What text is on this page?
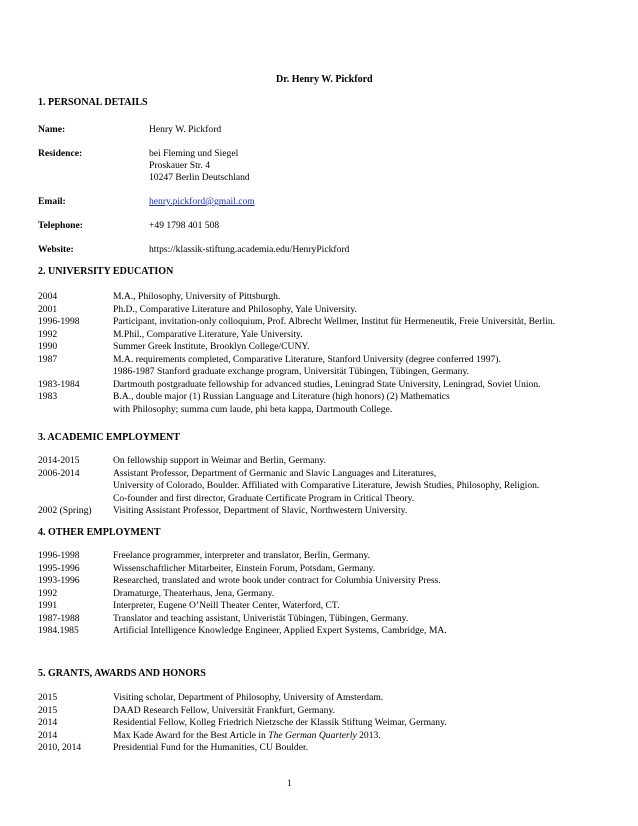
Dr. Henry W. Pickford
1. PERSONAL DETAILS
Name:	Henry W. Pickford
Residence:	bei Fleming und Siegel
Proskauer Str. 4
10247 Berlin Deutschland
Email:	henry.pickford@gmail.com
Telephone:	+49 1798 401 508
Website:	https://klassik-stiftung.academia.edu/HenryPickford
2. UNIVERSITY EDUCATION
2004	M.A., Philosophy, University of Pittsburgh.
2001	Ph.D., Comparative Literature and Philosophy, Yale University.
1996-1998	Participant, invitation-only colloquium, Prof. Albrecht Wellmer, Institut für Hermeneutik, Freie Universität, Berlin.
1992	M.Phil., Comparative Literature, Yale University.
1990	Summer Greek Institute, Brooklyn College/CUNY.
1987	M.A. requirements completed, Comparative Literature, Stanford University (degree conferred 1997).
1986-1987 Stanford graduate exchange program, Universität Tübingen, Tübingen, Germany.
1983-1984	Dartmouth postgraduate fellowship for advanced studies, Leningrad State University, Leningrad, Soviet Union.
1983	B.A., double major (1) Russian Language and Literature (high honors) (2) Mathematics
with Philosophy; summa cum laude, phi beta kappa, Dartmouth College.
3. ACADEMIC EMPLOYMENT
2014-2015	On fellowship support in Weimar and Berlin, Germany.
2006-2014	Assistant Professor, Department of Germanic and Slavic Languages and Literatures,
University of Colorado, Boulder. Affiliated with Comparative Literature, Jewish Studies, Philosophy, Religion.
Co-founder and first director, Graduate Certificate Program in Critical Theory.
2002 (Spring)	Visiting Assistant Professor, Department of Slavic, Northwestern University.
4. OTHER EMPLOYMENT
1996-1998	Freelance programmer, interpreter and translator, Berlin, Germany.
1995-1996	Wissenschaftlicher Mitarbeiter, Einstein Forum, Potsdam, Germany.
1993-1996	Researched, translated and wrote book under contract for Columbia University Press.
1992	Dramaturge, Theaterhaus, Jena, Germany.
1991	Interpreter, Eugene O’Neill Theater Center, Waterford, CT.
1987-1988	Translator and teaching assistant, Univeristät Tübingen, Tübingen, Germany.
1984.1985	Artificial Intelligence Knowledge Engineer, Applied Expert Systems, Cambridge, MA.
5. GRANTS, AWARDS AND HONORS
2015	Visiting scholar, Department of Philosophy, University of Amsterdam.
2015	DAAD Research Fellow, Universität Frankfurt, Germany.
2014	Residential Fellow, Kolleg Friedrich Nietzsche der Klassik Stiftung Weimar, Germany.
2014	Max Kade Award for the Best Article in The German Quarterly 2013.
2010, 2014	Presidential Fund for the Humanities, CU Boulder.
1
